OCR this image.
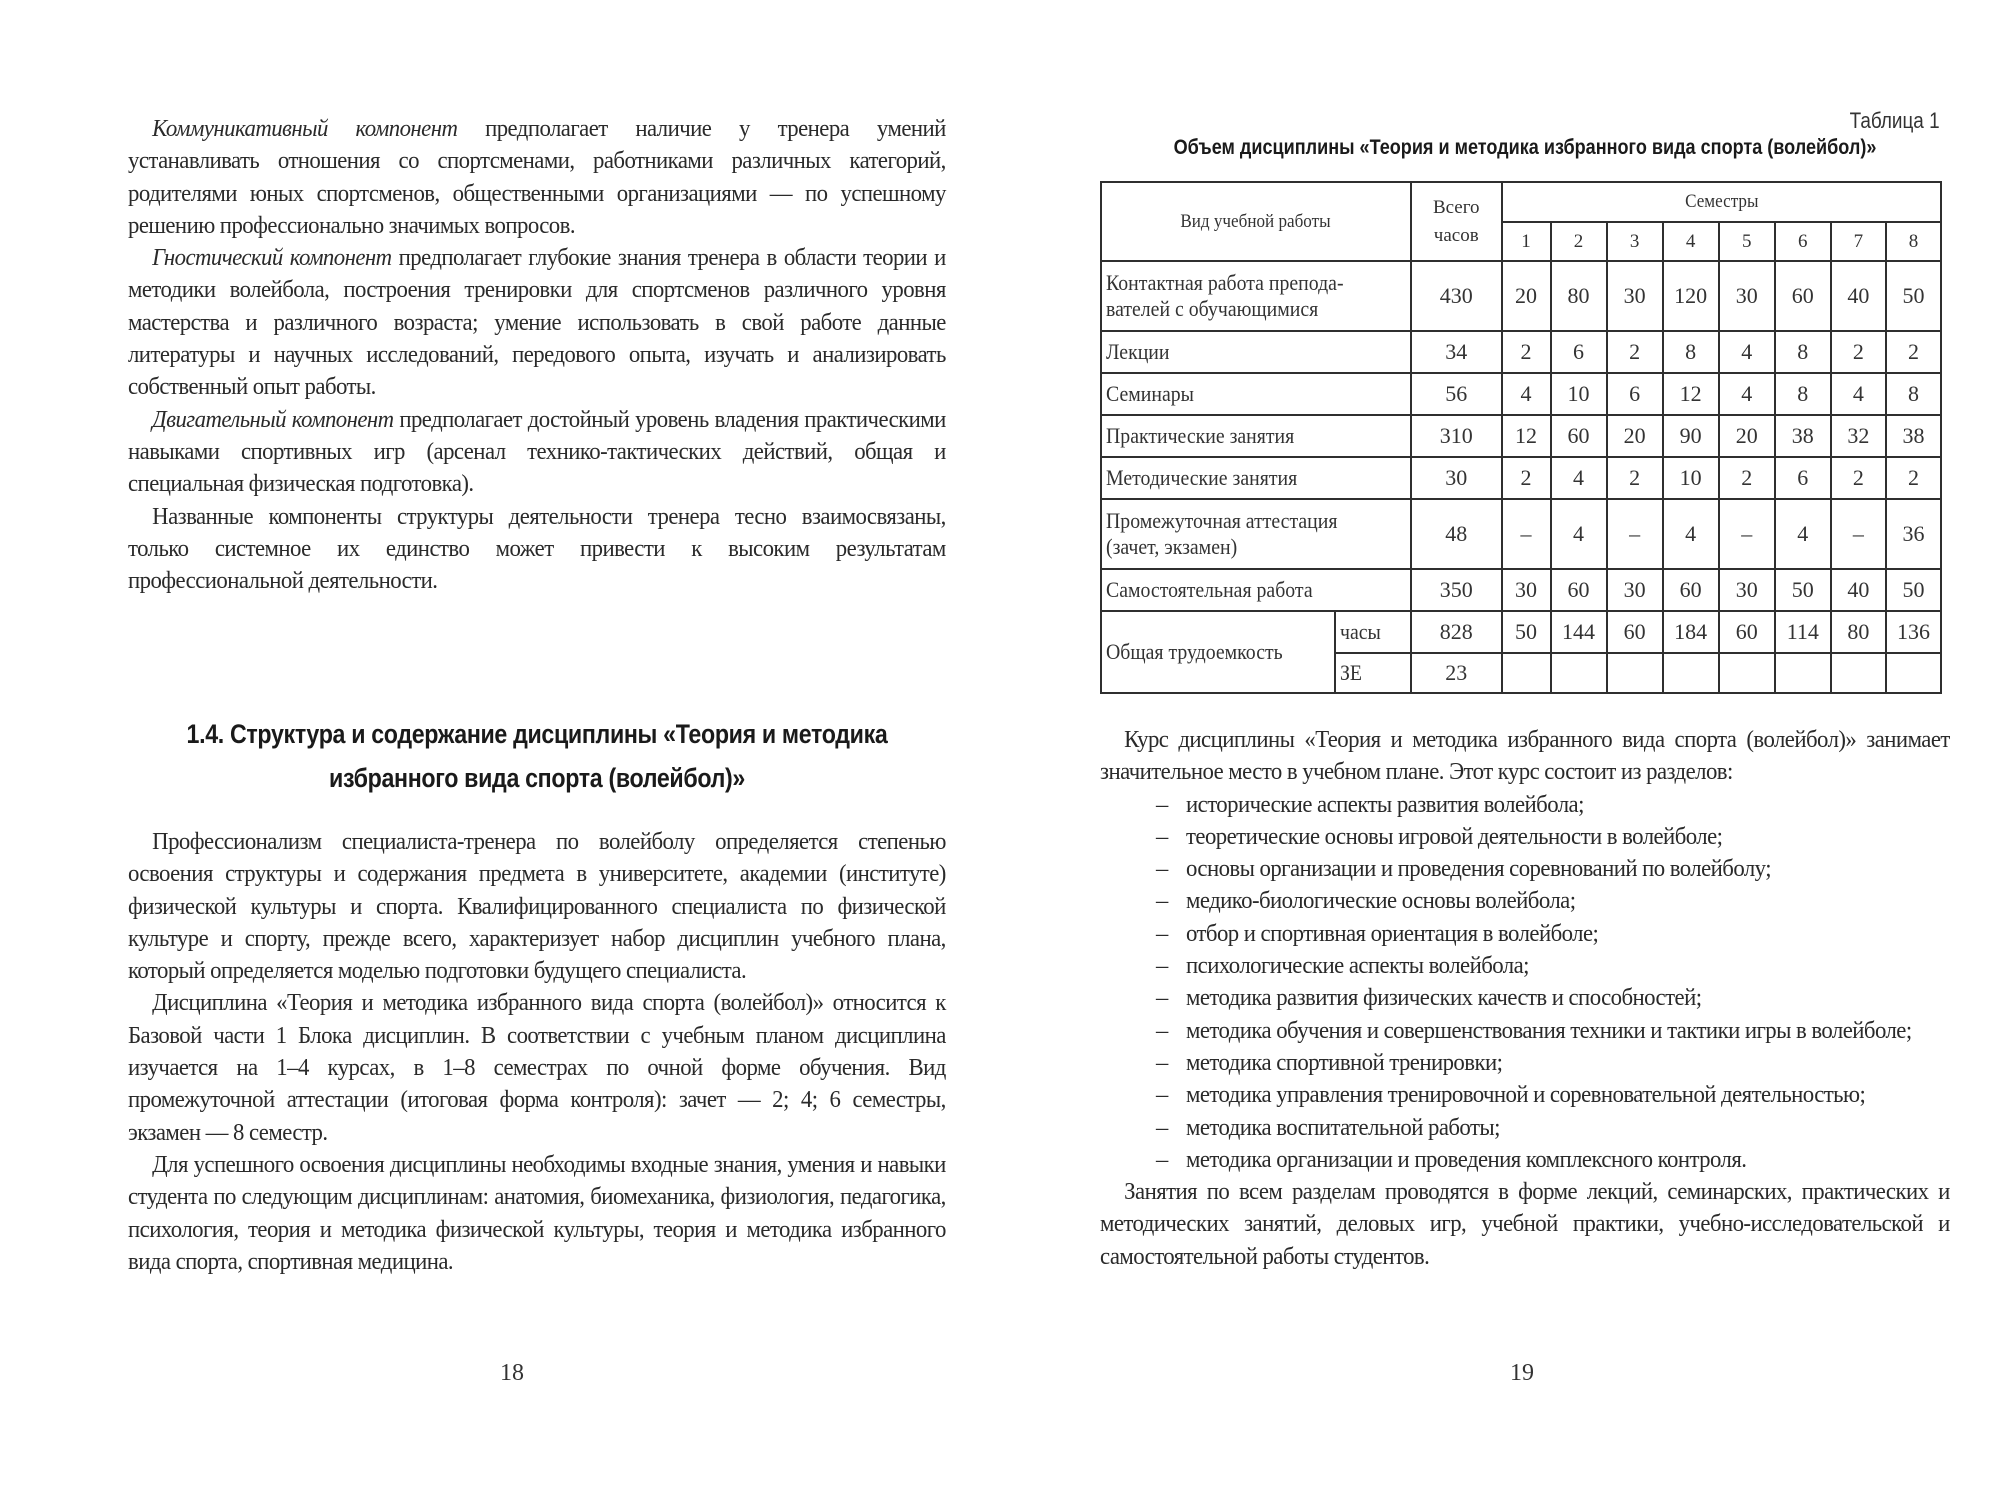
Коммуникативный компонент предполагает наличие у тренера умений устанавливать отношения со спортсменами, работниками различных категорий, родителями юных спортсменов, общественными организациями — по успешному решению профессионально значимых вопросов.

Гностический компонент предполагает глубокие знания тренера в области теории и методики волейбола, построения тренировки для спортсменов различного уровня мастерства и различного возраста; умение использовать в свой работе данные литературы и научных исследований, передового опыта, изучать и анализировать собственный опыт работы.

Двигательный компонент предполагает достойный уровень владения практическими навыками спортивных игр (арсенал технико-тактических действий, общая и специальная физическая подготовка).

Названные компоненты структуры деятельности тренера тесно взаимосвязаны, только системное их единство может привести к высоким результатам профессиональной деятельности.

1.4. Структура и содержание дисциплины «Теория и методика
избранного вида спорта (волейбол)»

Профессионализм специалиста-тренера по волейболу определяется степенью освоения структуры и содержания предмета в университете, академии (институте) физической культуры и спорта. Квалифицированного специалиста по физической культуре и спорту, прежде всего, характеризует набор дисциплин учебного плана, который определяется моделью подготовки будущего специалиста.

Дисциплина «Теория и методика избранного вида спорта (волейбол)» относится к Базовой части 1 Блока дисциплин. В соответствии с учебным планом дисциплина изучается на 1–4 курсах, в 1–8 семестрах по очной форме обучения. Вид промежуточной аттестации (итоговая форма контроля): зачет — 2; 4; 6 семестры, экзамен — 8 семестр.

Для успешного освоения дисциплины необходимы входные знания, умения и навыки студента по следующим дисциплинам: анатомия, биомеханика, физиология, педагогика, психология, теория и методика физической культуры, теория и методика избранного вида спорта, спортивная медицина.

18
Таблица 1
Объем дисциплины «Теория и методика избранного вида спорта (волейбол)»
Вид учебной работы		Всего
часов	Семестры							
			1	2	3	4	5	6	7	8
Контактная работа препода-
вателей с обучающимися		430	20	80	30	120	30	60	40	50
Лекции		34	2	6	2	8	4	8	2	2
Семинары		56	4	10	6	12	4	8	4	8
Практические занятия		310	12	60	20	90	20	38	32	38
Методические занятия		30	2	4	2	10	2	6	2	2
Промежуточная аттестация
(зачет, экзамен)		48	–	4	–	4	–	4	–	36
Самостоятельная работа		350	30	60	30	60	30	50	40	50
Общая трудоемкость	часы	828	50	144	60	184	60	114	80	136
	ЗЕ	23								

Курс дисциплины «Теория и методика избранного вида спорта (волейбол)» занимает значительное место в учебном плане. Этот курс состоит из разделов:

– исторические аспекты развития волейбола;
– теоретические основы игровой деятельности в волейболе;
– основы организации и проведения соревнований по волейболу;
– медико-биологические основы волейбола;
– отбор и спортивная ориентация в волейболе;
– психологические аспекты волейбола;
– методика развития физических качеств и способностей;
– методика обучения и совершенствования техники и тактики игры в волейболе;
– методика спортивной тренировки;
– методика управления тренировочной и соревновательной деятельностью;
– методика воспитательной работы;
– методика организации и проведения комплексного контроля.

Занятия по всем разделам проводятся в форме лекций, семинарских, практических и методических занятий, деловых игр, учебной практики, учебно-исследовательской и самостоятельной работы студентов.

19
